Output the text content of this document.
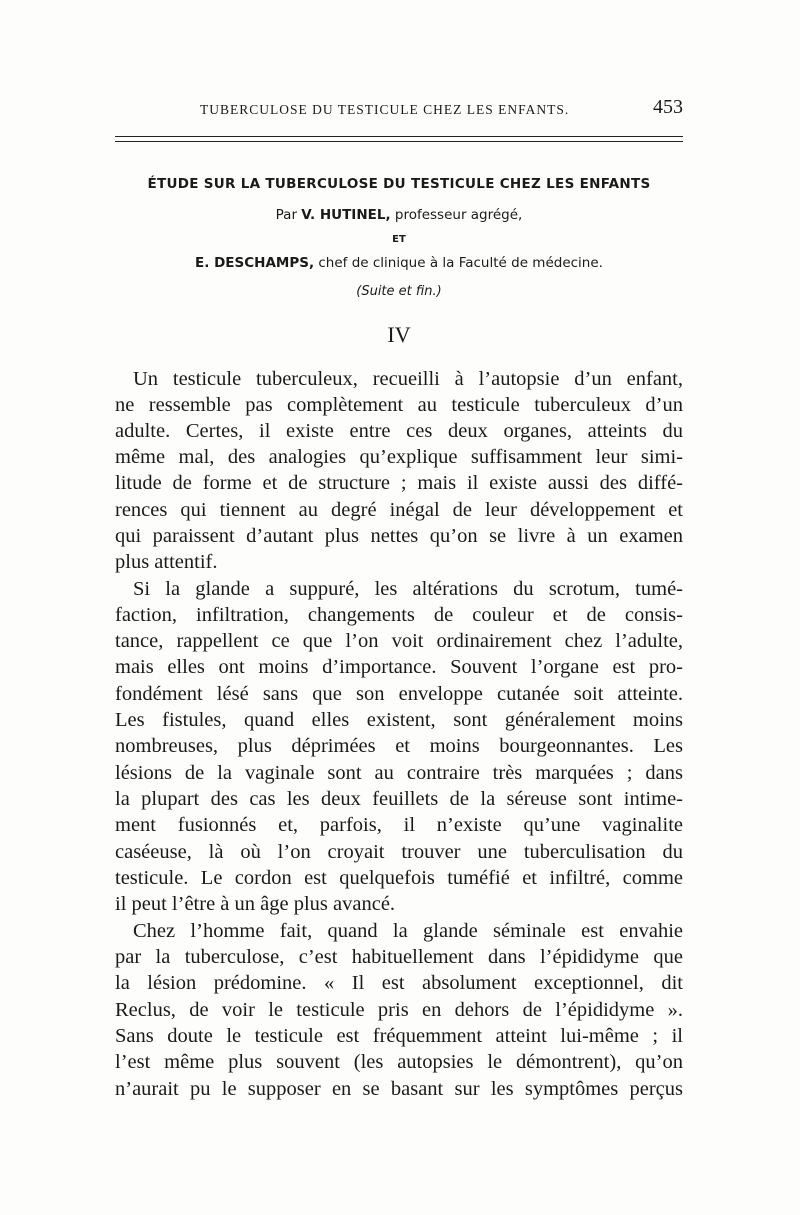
TUBERCULOSE DU TESTICULE CHEZ LES ENFANTS.	453
ÉTUDE SUR LA TUBERCULOSE DU TESTICULE CHEZ LES ENFANTS
Par V. HUTINEL, professeur agrégé,
ET
E. DESCHAMPS, chef de clinique à la Faculté de médecine.
(Suite et fin.)
IV
Un testicule tuberculeux, recueilli à l’autopsie d’un enfant,
ne ressemble pas complètement au testicule tuberculeux d’un
adulte. Certes, il existe entre ces deux organes, atteints du
même mal, des analogies qu’explique suffisamment leur simi-
litude de forme et de structure ; mais il existe aussi des diffé-
rences qui tiennent au degré inégal de leur développement et
qui paraissent d’autant plus nettes qu’on se livre à un examen
plus attentif.
Si la glande a suppuré, les altérations du scrotum, tumé-
faction, infiltration, changements de couleur et de consis-
tance, rappellent ce que l’on voit ordinairement chez l’adulte,
mais elles ont moins d’importance. Souvent l’organe est pro-
fondément lésé sans que son enveloppe cutanée soit atteinte.
Les fistules, quand elles existent, sont généralement moins
nombreuses, plus déprimées et moins bourgeonnantes. Les
lésions de la vaginale sont au contraire très marquées ; dans
la plupart des cas les deux feuillets de la séreuse sont intime-
ment fusionnés et, parfois, il n’existe qu’une vaginalite
caséeuse, là où l’on croyait trouver une tuberculisation du
testicule. Le cordon est quelquefois tuméfié et infiltré, comme
il peut l’être à un âge plus avancé.
Chez l’homme fait, quand la glande séminale est envahie
par la tuberculose, c’est habituellement dans l’épididyme que
la lésion prédomine. « Il est absolument exceptionnel, dit
Reclus, de voir le testicule pris en dehors de l’épididyme ».
Sans doute le testicule est fréquemment atteint lui-même ; il
l’est même plus souvent (les autopsies le démontrent), qu’on
n’aurait pu le supposer en se basant sur les symptômes perçus
